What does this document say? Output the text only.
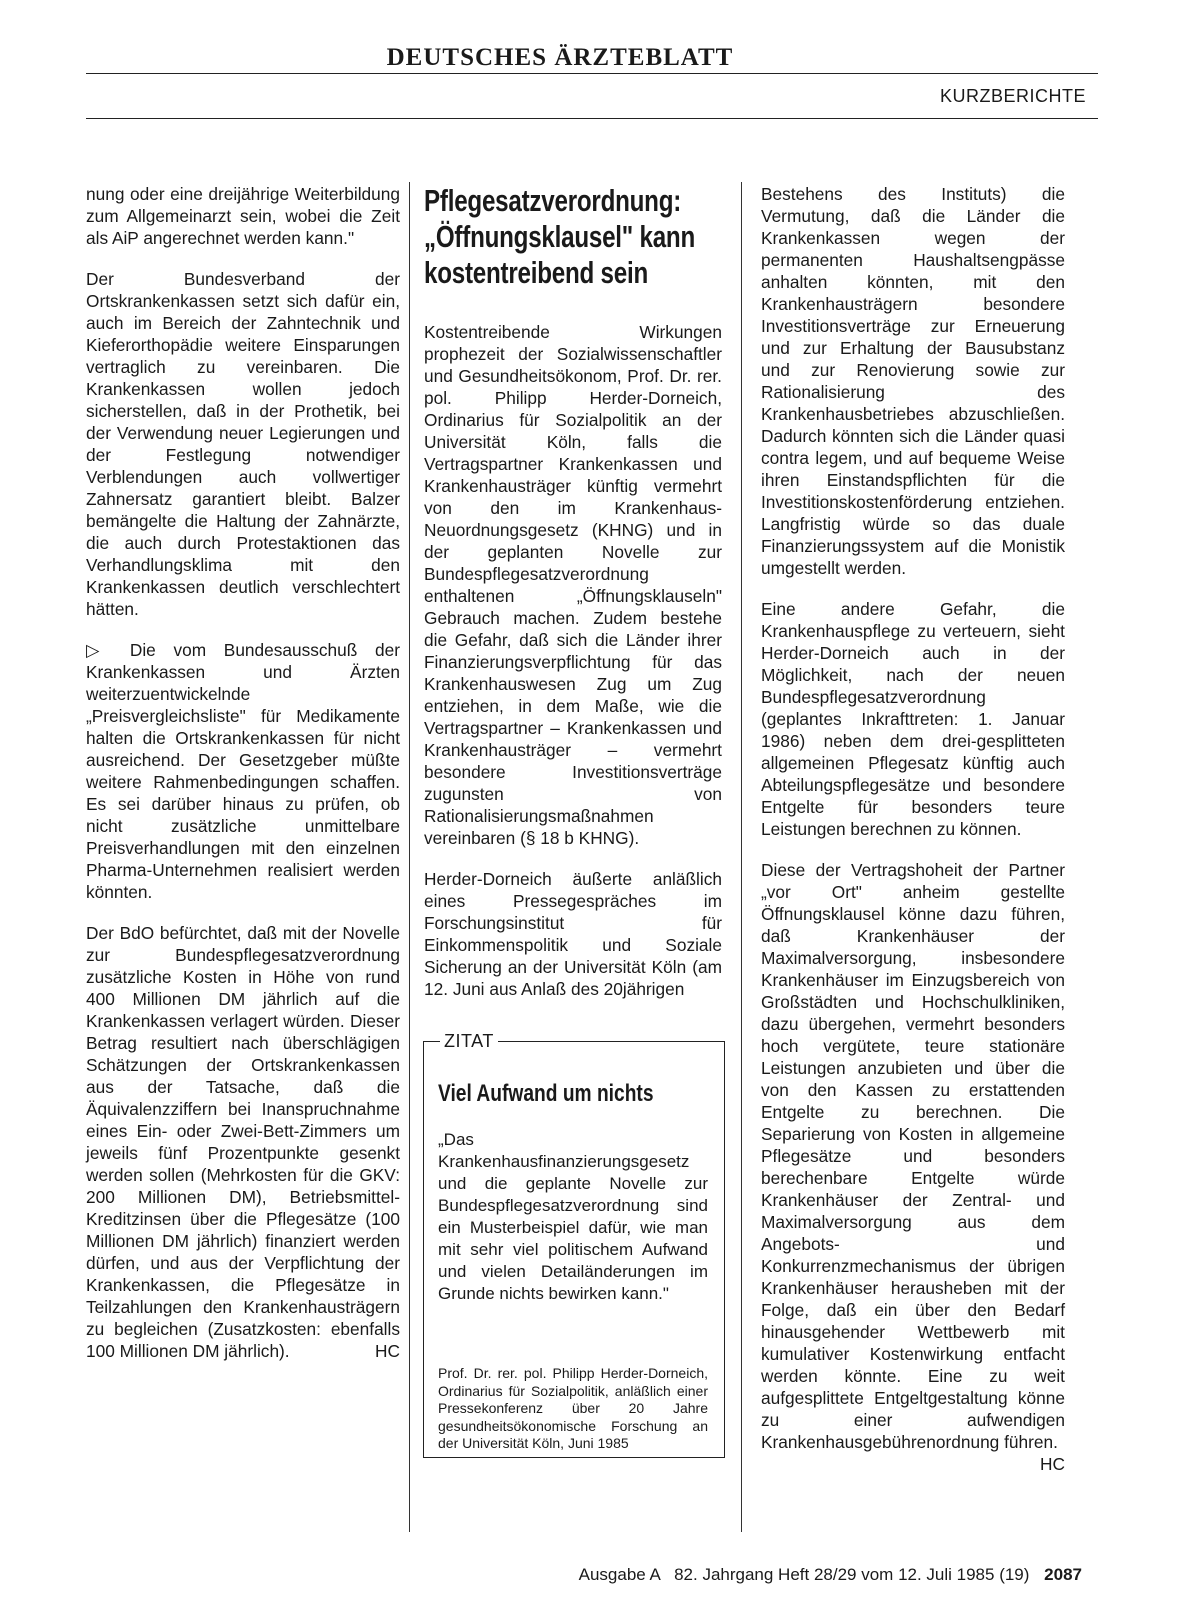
DEUTSCHES ÄRZTEBLATT
KURZBERICHTE

nung oder eine dreijährige Weiterbildung zum Allgemeinarzt sein, wobei die Zeit als AiP angerechnet werden kann."

Der Bundesverband der Ortskrankenkassen setzt sich dafür ein, auch im Bereich der Zahntechnik und Kieferorthopädie weitere Einsparungen vertraglich zu vereinbaren. Die Krankenkassen wollen jedoch sicherstellen, daß in der Prothetik, bei der Verwendung neuer Legierungen und der Festlegung notwendiger Verblendungen auch vollwertiger Zahnersatz garantiert bleibt. Balzer bemängelte die Haltung der Zahnärzte, die auch durch Protestaktionen das Verhandlungsklima mit den Krankenkassen deutlich verschlechtert hätten.

▷ Die vom Bundesausschuß der Krankenkassen und Ärzten weiterzuentwickelnde „Preisvergleichsliste" für Medikamente halten die Ortskrankenkassen für nicht ausreichend. Der Gesetzgeber müßte weitere Rahmenbedingungen schaffen. Es sei darüber hinaus zu prüfen, ob nicht zusätzliche unmittelbare Preisverhandlungen mit den einzelnen Pharma-Unternehmen realisiert werden könnten.

Der BdO befürchtet, daß mit der Novelle zur Bundespflegesatzverordnung zusätzliche Kosten in Höhe von rund 400 Millionen DM jährlich auf die Krankenkassen verlagert würden. Dieser Betrag resultiert nach überschlägigen Schätzungen der Ortskrankenkassen aus der Tatsache, daß die Äquivalenzziffern bei Inanspruchnahme eines Ein- oder Zwei-Bett-Zimmers um jeweils fünf Prozentpunkte gesenkt werden sollen (Mehrkosten für die GKV: 200 Millionen DM), Betriebsmittel-Kreditzinsen über die Pflegesätze (100 Millionen DM jährlich) finanziert werden dürfen, und aus der Verpflichtung der Krankenkassen, die Pflegesätze in Teilzahlungen den Krankenhausträgern zu begleichen (Zusatzkosten: ebenfalls 100 Millionen DM jährlich).	HC

Pflegesatzverordnung:
„Öffnungsklausel" kann
kostentreibend sein

Kostentreibende Wirkungen prophezeit der Sozialwissenschaftler und Gesundheitsökonom, Prof. Dr. rer. pol. Philipp Herder-Dorneich, Ordinarius für Sozialpolitik an der Universität Köln, falls die Vertragspartner Krankenkassen und Krankenhausträger künftig vermehrt von den im Krankenhaus-Neuordnungsgesetz (KHNG) und in der geplanten Novelle zur Bundespflegesatzverordnung enthaltenen „Öffnungsklauseln" Gebrauch machen. Zudem bestehe die Gefahr, daß sich die Länder ihrer Finanzierungsverpflichtung für das Krankenhauswesen Zug um Zug entziehen, in dem Maße, wie die Vertragspartner – Krankenkassen und Krankenhausträger – vermehrt besondere Investitionsverträge zugunsten von Rationalisierungsmaßnahmen vereinbaren (§ 18 b KHNG).

Herder-Dorneich äußerte anläßlich eines Pressegespräches im Forschungsinstitut für Einkommenspolitik und Soziale Sicherung an der Universität Köln (am 12. Juni aus Anlaß des 20jährigen

ZITAT
Viel Aufwand um nichts
„Das Krankenhausfinanzierungsgesetz und die geplante Novelle zur Bundespflegesatzverordnung sind ein Musterbeispiel dafür, wie man mit sehr viel politischem Aufwand und vielen Detailänderungen im Grunde nichts bewirken kann."
Prof. Dr. rer. pol. Philipp Herder-Dorneich, Ordinarius für Sozialpolitik, anläßlich einer Pressekonferenz über 20 Jahre gesundheitsökonomische Forschung an der Universität Köln, Juni 1985

Bestehens des Instituts) die Vermutung, daß die Länder die Krankenkassen wegen der permanenten Haushaltsengpässe anhalten könnten, mit den Krankenhausträgern besondere Investitionsverträge zur Erneuerung und zur Erhaltung der Bausubstanz und zur Renovierung sowie zur Rationalisierung des Krankenhausbetriebes abzuschließen. Dadurch könnten sich die Länder quasi contra legem, und auf bequeme Weise ihren Einstandspflichten für die Investitionskostenförderung entziehen. Langfristig würde so das duale Finanzierungssystem auf die Monistik umgestellt werden.

Eine andere Gefahr, die Krankenhauspflege zu verteuern, sieht Herder-Dorneich auch in der Möglichkeit, nach der neuen Bundespflegesatzverordnung (geplantes Inkrafttreten: 1. Januar 1986) neben dem drei-gesplitteten allgemeinen Pflegesatz künftig auch Abteilungspflegesätze und besondere Entgelte für besonders teure Leistungen berechnen zu können.

Diese der Vertragshoheit der Partner „vor Ort" anheim gestellte Öffnungsklausel könne dazu führen, daß Krankenhäuser der Maximalversorgung, insbesondere Krankenhäuser im Einzugsbereich von Großstädten und Hochschulkliniken, dazu übergehen, vermehrt besonders hoch vergütete, teure stationäre Leistungen anzubieten und über die von den Kassen zu erstattenden Entgelte zu berechnen. Die Separierung von Kosten in allgemeine Pflegesätze und besonders berechenbare Entgelte würde Krankenhäuser der Zentral- und Maximalversorgung aus dem Angebots- und Konkurrenzmechanismus der übrigen Krankenhäuser herausheben mit der Folge, daß ein über den Bedarf hinausgehender Wettbewerb mit kumulativer Kostenwirkung entfacht werden könnte. Eine zu weit aufgesplittete Entgeltgestaltung könne zu einer aufwendigen Krankenhausgebührenordnung führen.
HC

Ausgabe A   82. Jahrgang Heft 28/29 vom 12. Juli 1985 (19) 2087
